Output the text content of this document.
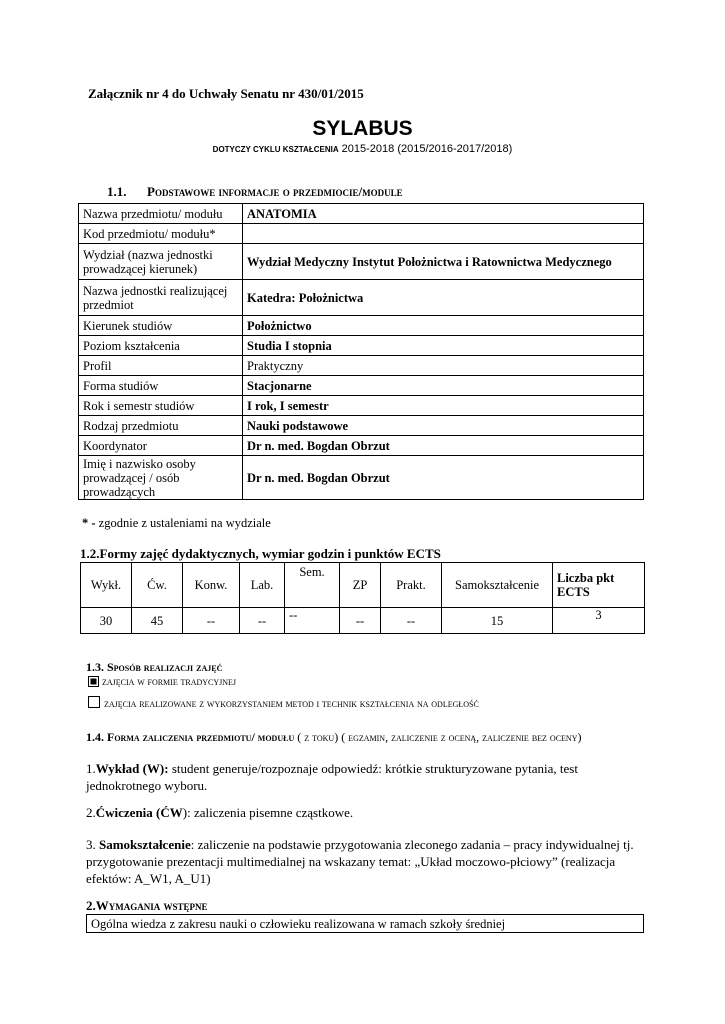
Załącznik nr 4 do Uchwały Senatu nr 430/01/2015
SYLABUS
DOTYCZY CYKLU KSZTAŁCENIA 2015-2018 (2015/2016-2017/2018)
1.1. Podstawowe informacje o przedmiocie/module
Nazwa przedmiotu/ modułu	ANATOMIA
Kod przedmiotu/ modułu*	
Wydział (nazwa jednostki prowadzącej kierunek)	Wydział Medyczny Instytut Położnictwa i Ratownictwa Medycznego
Nazwa jednostki realizującej przedmiot	Katedra: Położnictwa
Kierunek studiów	Położnictwo
Poziom kształcenia	Studia I stopnia
Profil	Praktyczny
Forma studiów	Stacjonarne
Rok i semestr studiów	I rok, I semestr
Rodzaj przedmiotu	Nauki podstawowe
Koordynator	Dr n. med. Bogdan Obrzut
Imię i nazwisko osoby prowadzącej / osób prowadzących	Dr n. med. Bogdan Obrzut
* - zgodnie z ustaleniami na wydziale
1.2.Formy zajęć dydaktycznych, wymiar godzin i punktów ECTS
Wykł.	Ćw.	Konw.	Lab.	Sem.	ZP	Prakt.	Samokształcenie	Liczba pkt ECTS
30	45	--	--	--	--	--	15	3
1.3. Sposób realizacji zajęć
zajęcia w formie tradycyjnej
zajęcia realizowane z wykorzystaniem metod i technik kształcenia na odległość
1.4. Forma zaliczenia przedmiotu/ modułu ( z toku) ( egzamin, zaliczenie z oceną, zaliczenie bez oceny)
1.Wykład (W): student generuje/rozpoznaje odpowiedź: krótkie strukturyzowane pytania, test jednokrotnego wyboru.
2.Ćwiczenia (ĆW): zaliczenia pisemne cząstkowe.
3. Samokształcenie: zaliczenie na podstawie przygotowania zleconego zadania – pracy indywidualnej tj. przygotowanie prezentacji multimedialnej na wskazany temat: „Układ moczowo-płciowy” (realizacja efektów: A_W1, A_U1)
2.Wymagania wstępne
Ogólna wiedza z zakresu nauki o człowieku realizowana w ramach szkoły średniej
